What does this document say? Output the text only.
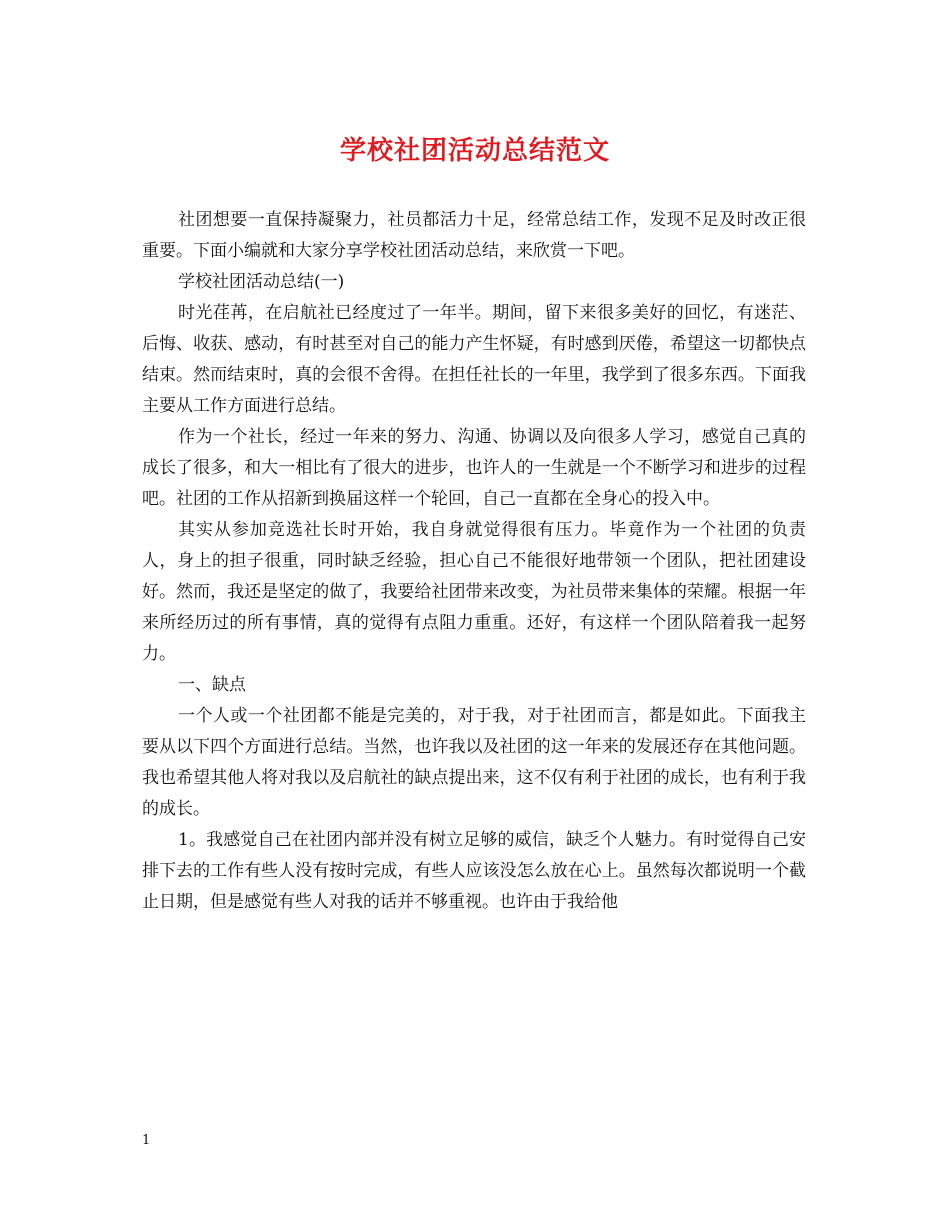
学校社团活动总结范文

社团想要一直保持凝聚力，社员都活力十足，经常总结工作，发现不足及时改正很重要。下面小编就和大家分享学校社团活动总结，来欣赏一下吧。

学校社团活动总结(一)

时光荏苒，在启航社已经度过了一年半。期间，留下来很多美好的回忆，有迷茫、后悔、收获、感动，有时甚至对自己的能力产生怀疑，有时感到厌倦，希望这一切都快点结束。然而结束时，真的会很不舍得。在担任社长的一年里，我学到了很多东西。下面我主要从工作方面进行总结。

作为一个社长，经过一年来的努力、沟通、协调以及向很多人学习，感觉自己真的成长了很多，和大一相比有了很大的进步，也许人的一生就是一个不断学习和进步的过程吧。社团的工作从招新到换届这样一个轮回，自己一直都在全身心的投入中。

其实从参加竞选社长时开始，我自身就觉得很有压力。毕竟作为一个社团的负责人，身上的担子很重，同时缺乏经验，担心自己不能很好地带领一个团队，把社团建设好。然而，我还是坚定的做了，我要给社团带来改变，为社员带来集体的荣耀。根据一年来所经历过的所有事情，真的觉得有点阻力重重。还好，有这样一个团队陪着我一起努力。

一、缺点

一个人或一个社团都不能是完美的，对于我，对于社团而言，都是如此。下面我主要从以下四个方面进行总结。当然，也许我以及社团的这一年来的发展还存在其他问题。我也希望其他人将对我以及启航社的缺点提出来，这不仅有利于社团的成长，也有利于我的成长。

1。我感觉自己在社团内部并没有树立足够的威信，缺乏个人魅力。有时觉得自己安排下去的工作有些人没有按时完成，有些人应该没怎么放在心上。虽然每次都说明一个截止日期，但是感觉有些人对我的话并不够重视。也许由于我给他

1
